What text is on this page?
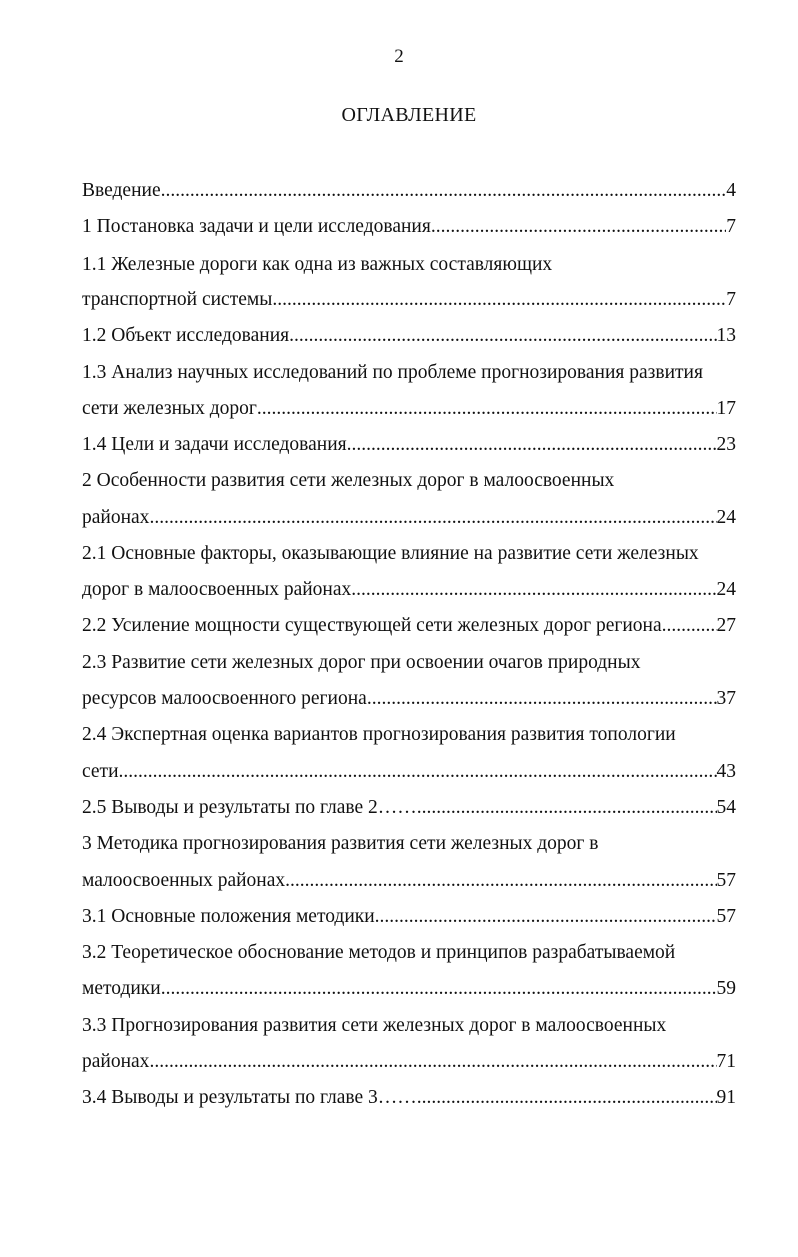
2
ОГЛАВЛЕНИЕ
Введение .....	4
1 Постановка задачи и цели исследования .....	7
1.1 Железные дороги как одна из важных составляющих
транспортной системы .....	7
1.2 Объект исследования .....	13
1.3 Анализ научных исследований по проблеме прогнозирования развития
сети железных дорог .....	17
1.4 Цели и задачи исследования .....	23
2 Особенности развития сети железных дорог в малоосвоенных
районах .....	24
2.1 Основные факторы, оказывающие влияние на развитие сети железных
дорог в малоосвоенных районах .....	24
2.2 Усиление мощности существующей сети железных дорог региона .....	27
2.3 Развитие сети железных дорог при освоении очагов природных
ресурсов малоосвоенного региона .....	37
2.4 Экспертная оценка вариантов прогнозирования развития топологии
сети .....	43
2.5 Выводы и результаты по главе 2…… .....	54
3 Методика прогнозирования развития сети железных дорог в
малоосвоенных районах .....	57
3.1 Основные положения методики .....	57
3.2 Теоретическое обоснование методов и принципов разрабатываемой
методики .....	59
3.3 Прогнозирования развития сети железных дорог в малоосвоенных
районах .....	71
3.4 Выводы и результаты по главе 3…… .....	91
